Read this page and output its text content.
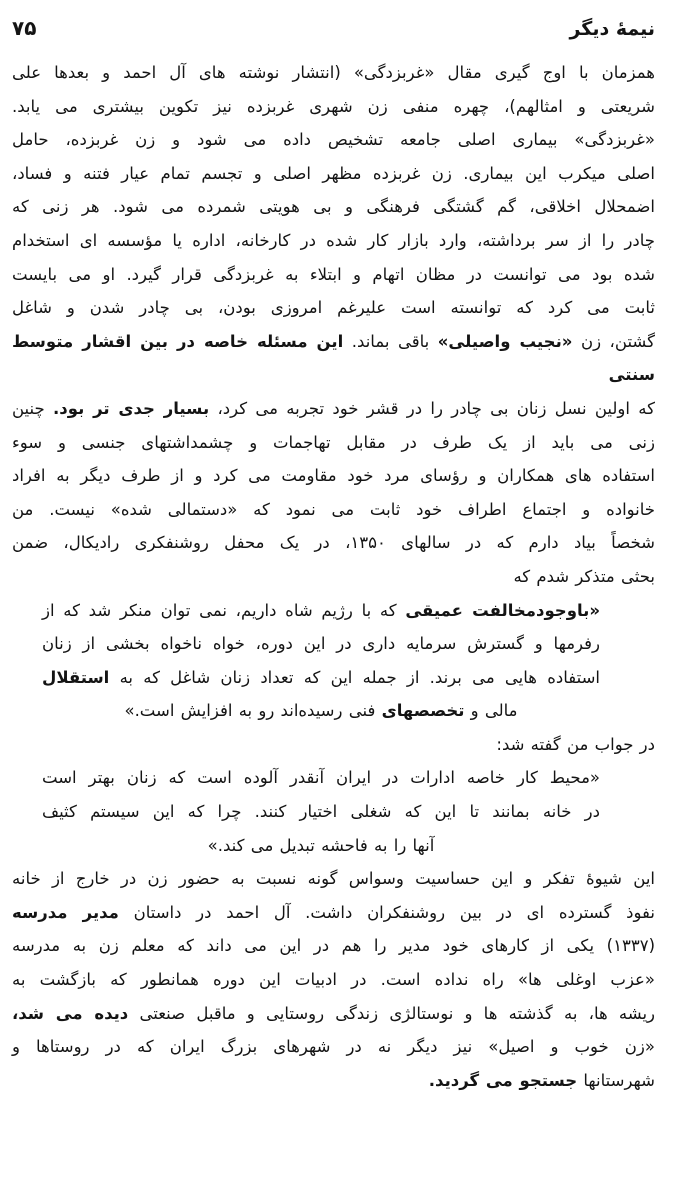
نیمهٔ دیگر
۷۵
همزمان با اوج گیری مقال «غربزدگی» (انتشار نوشته های آل احمد و بعدها علی
شریعتی و امثالهم)، چهره منفی زن شهری غربزده نیز تکوین بیشتری می یابد.
«غربزدگی» بیماری اصلی جامعه تشخیص داده می شود و زن غربزده، حامل
اصلی میکرب این بیماری. زن غربزده مظهر اصلی و تجسم تمام عیار فتنه و فساد،
اضمحلال اخلاقی، گم گشتگی فرهنگی و بی هویتی شمرده می شود. هر زنی که
چادر را از سر برداشته، وارد بازار کار شده در کارخانه، اداره یا مؤسسه ای استخدام
شده بود می توانست در مظان اتهام و ابتلاء به غربزدگی قرار گیرد. او می بایست
ثابت می کرد که توانسته است علیرغم امروزی بودن، بی چادر شدن و شاغل
گشتن، زن «نجیب واصیلی» باقی بماند. این مسئله خاصه در بین اقشار متوسط سنتی
که اولین نسل زنان بی چادر را در قشر خود تجربه می کرد، بسیار جدی تر بود. چنین
زنی می باید از یک طرف در مقابل تهاجمات و چشمداشتهای جنسی و سوء
استفاده های همکاران و رؤسای مرد خود مقاومت می کرد و از طرف دیگر به افراد
خانواده و اجتماع اطراف خود ثابت می نمود که «دستمالی شده» نیست. من
شخصاً بیاد دارم که در سالهای ۱۳۵۰، در یک محفل روشنفکری رادیکال، ضمن
بحثی متذکر شدم که
«باوجودمخالفت عمیقی که با رژیم شاه داریم، نمی توان منکر شد که از
رفرمها و گسترش سرمایه داری در این دوره، خواه ناخواه بخشی از زنان
استفاده هایی می برند. از جمله این که تعداد زنان شاغل که به استقلال
مالی و تخصصهای فنی رسیده‌اند رو به افزایش است.»
در جواب من گفته شد:
«محیط کار خاصه ادارات در ایران آنقدر آلوده است که زنان بهتر است
در خانه بمانند تا این که شغلی اختیار کنند. چرا که این سیستم کثیف
آنها را به فاحشه تبدیل می کند.»
این شیوهٔ تفکر و این حساسیت وسواس گونه نسبت به حضور زن در خارج از خانه
نفوذ گسترده ای در بین روشنفکران داشت. آل احمد در داستان مدیر مدرسه
(۱۳۳۷) یکی از کارهای خود مدیر را هم در این می داند که معلم زن به مدرسه
«عزب اوغلی ها» راه نداده است. در ادبیات این دوره همانطور که بازگشت به
ریشه ها، به گذشته ها و نوستالژی زندگی روستایی و ماقبل صنعتی دیده می شد،
«زن خوب و اصیل» نیز دیگر نه در شهرهای بزرگ ایران که در روستاها و
شهرستانها جستجو می گردید.
